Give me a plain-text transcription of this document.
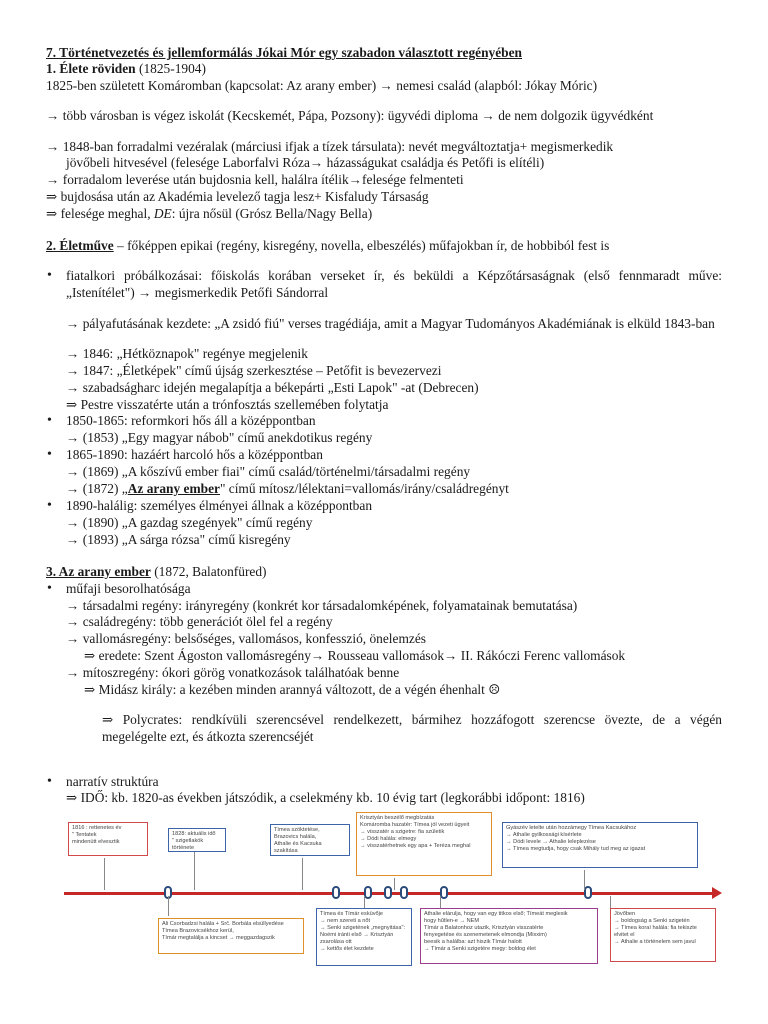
7. Történetvezetés és jellemformálás Jókai Mór egy szabadon választott regényében

1. Élete röviden (1825-1904)

1825-ben született Komáromban (kapcsolat: Az arany ember) → nemesi család (alapból: Jókay Móric)

→ több városban is végez iskolát (Kecskemét, Pápa, Pozsony): ügyvédi diploma → de nem dolgozik ügyvédként

→ 1848-ban forradalmi vezéralak (márciusi ifjak a tízek társulata): nevét megváltoztatja+ megismerkedik

jövőbeli hitvesével (felesége Laborfalvi Róza→ házasságukat családja és Petőfi is elítéli)

→ forradalom leverése után bujdosnia kell, halálra ítélik→felesége felmenteti

⇒ bujdosása után az Akadémia levelező tagja lesz+ Kisfaludy Társaság

⇒ felesége meghal, DE: újra nősül (Grósz Bella/Nagy Bella)

2. Életműve – főképpen epikai (regény, kisregény, novella, elbeszélés) műfajokban ír, de hobbiból fest is

• fiatalkori próbálkozásai: főiskolás korában verseket ír, és beküldi a Képzőtársaságnak (első fennmaradt műve: „Istenítélet") → megismerkedik Petőfi Sándorral

→ pályafutásának kezdete: „A zsidó fiú" verses tragédiája, amit a Magyar Tudományos Akadémiának is elküld 1843-ban

→ 1846: „Hétköznapok" regénye megjelenik

→ 1847: „Életképek" című újság szerkesztése – Petőfit is bevezervezi

→ szabadságharc idején megalapítja a békepárti „Esti Lapok" -at (Debrecen)

⇒ Pestre visszatérte után a trónfosztás szellemében folytatja

• 1850-1865: reformkori hős áll a középpontban

→ (1853) „Egy magyar nábob" című anekdotikus regény

• 1865-1890: hazáért harcoló hős a középpontban

→ (1869) „A kőszívű ember fiai" című család/történelmi/társadalmi regény

→ (1872) „Az arany ember" című mítosz/lélektani=vallomás/irány/családregényt

• 1890-halálig: személyes élményei állnak a középpontban

→ (1890) „A gazdag szegények" című regény

→ (1893) „A sárga rózsa" című kisregény

3. Az arany ember (1872, Balatonfüred)

• műfaji besorolhatósága

→ társadalmi regény: irányregény (konkrét kor társadalomképének, folyamatainak bemutatása)

→ családregény: több generációt ölel fel a regény

→ vallomásregény: belsőséges, vallomásos, konfesszió, önelemzés

⇒ eredete: Szent Ágoston vallomásregény→ Rousseau vallomások→ II. Rákóczi Ferenc vallomások

→ mítoszregény: ókori görög vonatkozások találhatóak benne

⇒ Midász király: a kezében minden arannyá változott, de a végén éhenhalt ☹

⇒ Polycrates: rendkívüli szerencsével rendelkezett, bármihez hozzáfogott szerencse övezte, de a végén megelégelte ezt, és átkozta szerencséjét

• narratív struktúra

⇒ IDŐ: kb. 1820-as években játszódik, a cselekmény kb. 10 évig tart (legkorábbi időpont: 1816)

1816 : rettenetes év
" Tentatek
mindenütt elvesztik
1828: aktuális idő
" szigetlakók története
Tímea szöktetése,
Brazovics halála,
Athalie és Kacsuka szakítása
Krisztyán beszélő megbízatás
Komáromba hazatér: Tímea jól vezeti ügyeit
→ visszatér a szigetre: fia születik
→ Dódi halála: elmegy
→ visszatérhetnek egy apa + Teréza meghal
Gyászév letelte után hozzámegy Tímea Kacsukához
→ Athalie gyilkossági kísérlete
→ Dódi levele → Athalie leleplezése
→ Tímea megtudja, hogy csak Mihály tud meg az igazat
Ali Csorbadzsi halála + Srč. Borbála elsüllyedése
Tímea Brazovicsékhoz kerül,
Tímár megtalálja a kincset → meggazdagszik
Tímea és Tímár esküvője
→ nem szereti a nőt
→ Senki szigetének „megnyitása":
Noémi iránti első → Krisztyán
zsarolása ott
→ kettős élet kezdete
Athalie elárulja, hogy van egy titkos első; Tímeát meglesik
hogy hűtlen-e → NEM
Tímár a Balatonhoz utazik, Krisztyán visszatérte
fenyegetése és szenemetenek elmondja (Mixxim)
beesik a halálba: azt hiszik Tímár halott
→ Tímár a Senki szigetére megy: boldog élet
Jövőben
→ boldogság a Senki szigetén
→ Tímea koraí halála: fia tekiszte
elvitet el
→ Athalie a történelem sem javul
